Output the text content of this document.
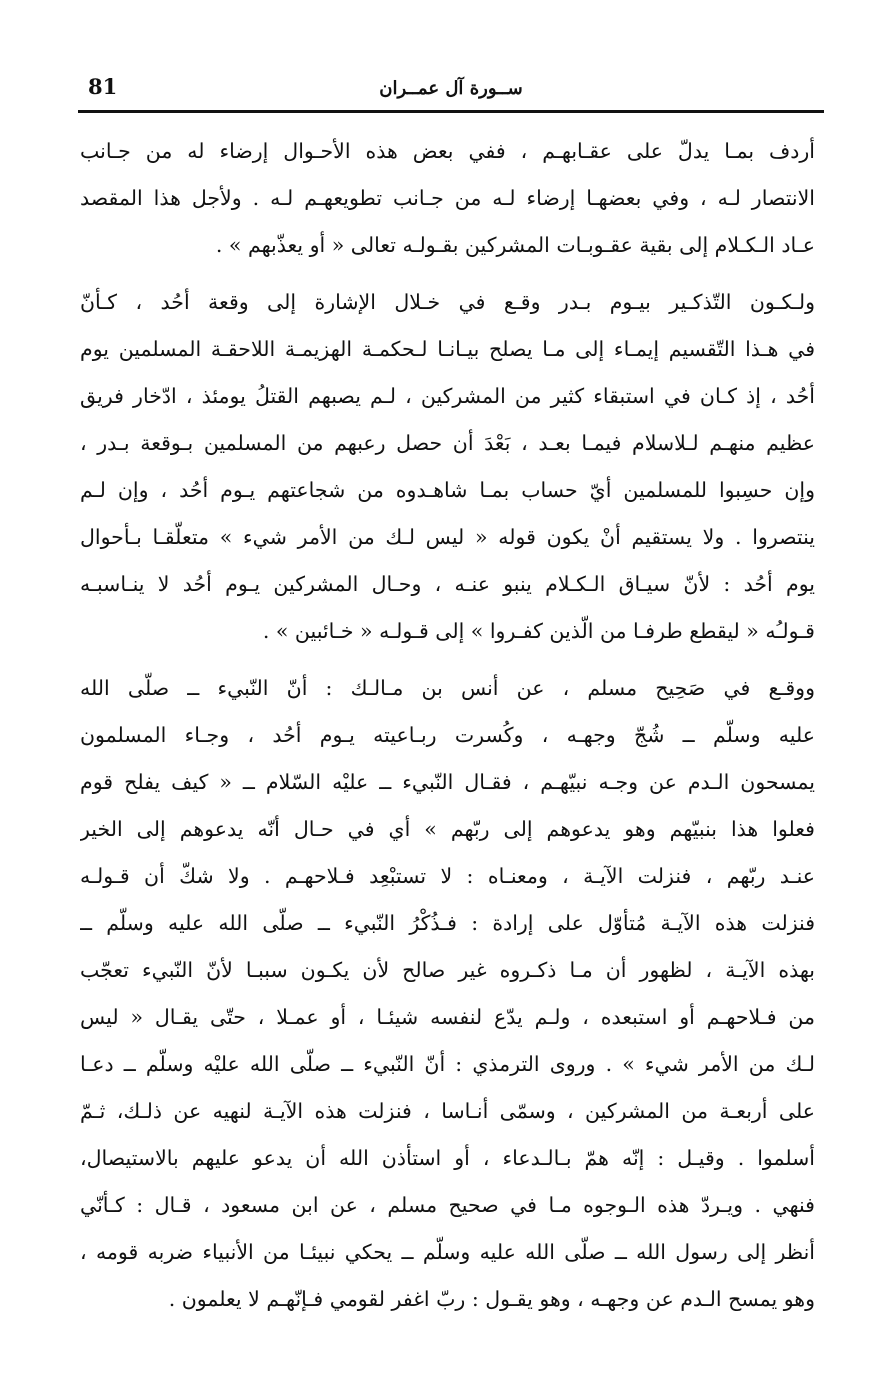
81	ســورة آل عمــران
أردف بمـا يدلّ على عقـابهـم ، ففي بعض هذه الأحـوال إرضاء له من جـانب
الانتصار لـه ، وفي بعضهـا إرضاء لـه من جـانب تطويعهـم لـه . ولأجل هذا المقصد
عـاد الـكـلام إلى بقية عقـوبـات المشركين بقـولـه تعالى « أو يعذّبهم » .
ولـكـون التّذكـير بيـوم بـدر وقـع في خـلال الإشارة إلى وقعة أحُد ، كـأنّ
في هـذا التّقسيم إيمـاء إلى مـا يصلح بيـانـا لـحكمـة الهزيمـة اللاحقـة المسلمين يوم
أحُد ، إذ كـان في استبقاء كثير من المشركين ، لـم يصبهم القتلُ يومئذ ، ادّخار فريق
عظيم منهـم لـلاسلام فيمـا بعـد ، بَعْدَ أن حصل رعبهم من المسلمين بـوقعة بـدر ،
وإن حسِبوا للمسلمين أيّ حساب بمـا شاهـدوه من شجاعتهم يـوم أحُد ، وإن لـم
ينتصروا . ولا يستقيم أنْ يكون قوله « ليس لـك من الأمر شيء » متعلّقـا بـأحوال
يوم أحُد : لأنّ سيـاق الـكـلام ينبو عنـه ، وحـال المشركين يـوم أحُد لا ينـاسبـه
قـولـُه « ليقطع طرفـا من الّذين كفـروا » إلى قـولـه « خـائبين » .
ووقـع في صَحِيح مسلم ، عن أنس بن مـالـك : أنّ النّبيء ــ صلّى الله
عليه وسلّم ــ شُجّ وجهـه ، وكُسرت ربـاعيته يـوم أحُد ، وجـاء المسلمون
يمسحون الـدم عن وجـه نبيّهـم ، فقـال النّبيء ــ عليْه السّلام ــ « كيف يفلح قوم
فعلوا هذا بنبيّهم وهو يدعوهم إلى ربّهم » أي في حـال أنّه يدعوهم إلى الخير
عنـد ربّهم ، فنزلت الآيـة ، ومعنـاه : لا تستبْعِد فـلاحهـم . ولا شكّ أن قـولـه
فنزلت هذه الآيـة مُتأوّل على إرادة : فـذُكْرُ النّبيء ــ صلّى الله عليه وسلّم ــ
بهذه الآيـة ، لظهور أن مـا ذكـروه غير صالح لأن يكـون سببـا لأنّ النّبيء تعجّب
من فـلاحهـم أو استبعده ، ولـم يدّع لنفسه شيئـا ، أو عمـلا ، حتّى يقـال « ليس
لـك من الأمر شيء » . وروى الترمذي : أنّ النّبيء ــ صلّى الله عليْه وسلّم ــ دعـا
على أربعـة من المشركين ، وسمّى أنـاسا ، فنزلت هذه الآيـة لنهيه عن ذلـك، ثـمّ
أسلموا . وقيـل : إنّه همّ بـالـدعاء ، أو استأذن الله أن يدعو عليهم بالاستيصال،
فنهي . ويـردّ هذه الـوجوه مـا في صحيح مسلم ، عن ابن مسعود ، قـال : كـأنّي
أنظر إلى رسول الله ــ صلّى الله عليه وسلّم ــ يحكي نبيئـا من الأنبياء ضربه قومه ،
وهو يمسح الـدم عن وجهـه ، وهو يقـول : ربّ اغفر لقومي فـإنّهـم لا يعلمون .
